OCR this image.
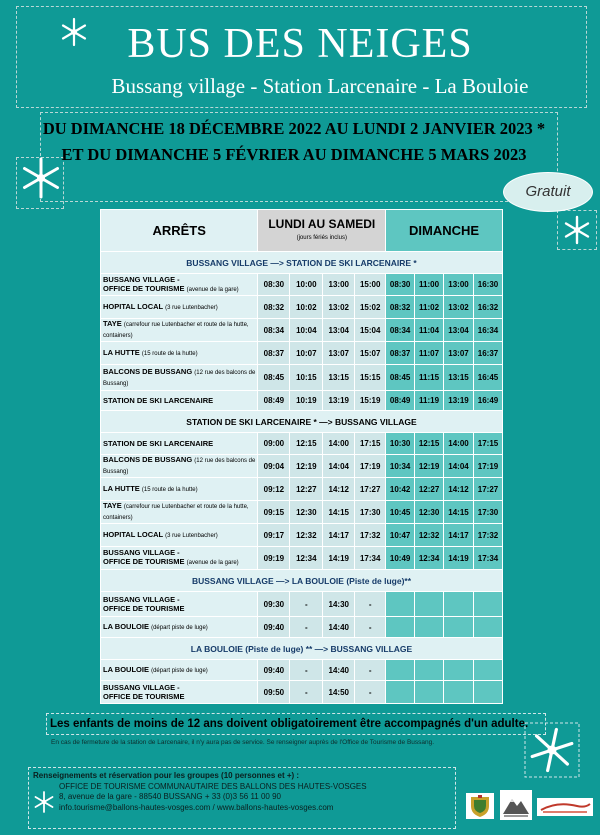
BUS DES NEIGES
Bussang village - Station Larcenaire - La Bouloie
DU DIMANCHE 18 DÉCEMBRE 2022 AU LUNDI 2 JANVIER 2023 *
ET DU DIMANCHE 5 FÉVRIER AU DIMANCHE 5 MARS 2023
Gratuit
ARRÊTS	LUNDI AU SAMEDI
(jours fériés inclus)				DIMANCHE			
BUSSANG VILLAGE —> STATION DE SKI LARCENAIRE *								
BUSSANG VILLAGE -
OFFICE DE TOURISME (avenue de la gare)	08:30	10:00	13:00	15:00	08:30	11:00	13:00	16:30
HOPITAL LOCAL (3 rue Lutenbacher)	08:32	10:02	13:02	15:02	08:32	11:02	13:02	16:32
TAYE (carrefour rue Lutenbacher et route de la hutte, containers)	08:34	10:04	13:04	15:04	08:34	11:04	13:04	16:34
LA HUTTE (15 route de la hutte)	08:37	10:07	13:07	15:07	08:37	11:07	13:07	16:37
BALCONS DE BUSSANG (12 rue des balcons de Bussang)	08:45	10:15	13:15	15:15	08:45	11:15	13:15	16:45
STATION DE SKI LARCENAIRE	08:49	10:19	13:19	15:19	08:49	11:19	13:19	16:49
STATION DE SKI LARCENAIRE * —> BUSSANG VILLAGE								
STATION DE SKI LARCENAIRE	09:00	12:15	14:00	17:15	10:30	12:15	14:00	17:15
BALCONS DE BUSSANG (12 rue des balcons de Bussang)	09:04	12:19	14:04	17:19	10:34	12:19	14:04	17:19
LA HUTTE (15 route de la hutte)	09:12	12:27	14:12	17:27	10:42	12:27	14:12	17:27
TAYE (carrefour rue Lutenbacher et route de la hutte, containers)	09:15	12:30	14:15	17:30	10:45	12:30	14:15	17:30
HOPITAL LOCAL (3 rue Lutenbacher)	09:17	12:32	14:17	17:32	10:47	12:32	14:17	17:32
BUSSANG VILLAGE -
OFFICE DE TOURISME (avenue de la gare)	09:19	12:34	14:19	17:34	10:49	12:34	14:19	17:34
BUSSANG VILLAGE —> LA BOULOIE (Piste de luge)**								
BUSSANG VILLAGE -
OFFICE DE TOURISME	09:30	-	14:30	-				
LA BOULOIE (départ piste de luge)	09:40	-	14:40	-				
LA BOULOIE (Piste de luge) ** —> BUSSANG VILLAGE								
LA BOULOIE (départ piste de luge)	09:40	-	14:40	-				
BUSSANG VILLAGE -
OFFICE DE TOURISME	09:50	-	14:50	-				
Les enfants de moins de 12 ans doivent obligatoirement être accompagnés d'un adulte.
En cas de fermeture de la station de Larcenaire, il n'y aura pas de service. Se renseigner auprès de l'Office de Tourisme de Bussang.
Renseignements et réservation pour les groupes (10 personnes et +) :
OFFICE DE TOURISME COMMUNAUTAIRE DES BALLONS DES HAUTES-VOSGES
8, avenue de la gare - 88540 BUSSANG + 33 (0)3 56 11 00 90
info.tourisme@ballons-hautes-vosges.com / www.ballons-hautes-vosges.com
